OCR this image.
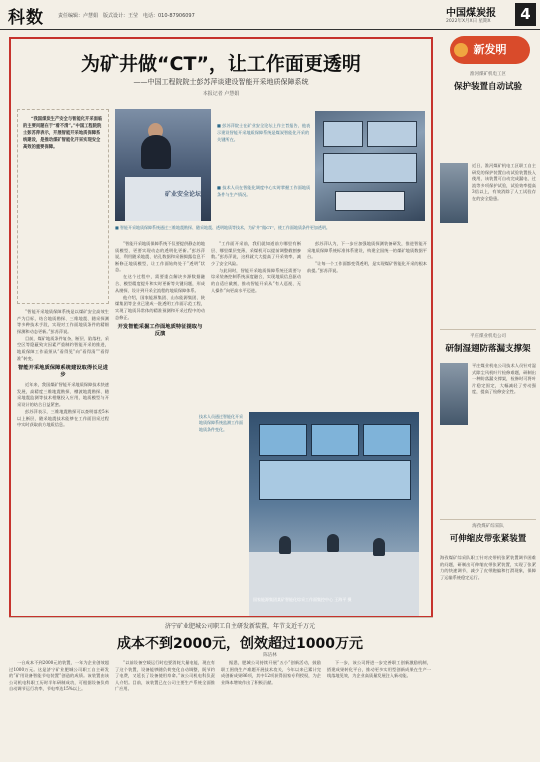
科数	责任编辑：卢慧娟　版式设计：王莹　电话：010-87906097	中国煤炭报
2022年X月X日 星期X	4
为矿井做“CT”，让工作面更透明
——中国工程院院士彭苏萍谈建设智能开采地质保障系统
本报记者 卢慧娟

“我国煤炭生产安全与智能化开采面临的主要问题在于“看不清”。”中国工程院院士彭苏萍表示，开展智能开采地质保障系统建设，是推动煤矿智能化开采实现安全高效的重要保障。

矿业安全论坛
■ 彭苏萍院士在矿业安全论坛上作主旨报告，他表示建设智能开采地质保障系统是煤炭智能化开采的关键所在。
■ 技术人员在智能化调度中心实时掌握工作面地质条件与生产情况。
■ 智能开采地质保障系统通过三维地震勘探、随采地震、透明地质等技术，为矿井“做CT”，使工作面地质条件更加透明。

“智能开采地质保障系统是以煤矿安全高效生产为目标，结合地质勘探、三维地震、随采探测等多种技术手段，实现对工作面地质条件的精细探测和动态更新。”彭苏萍说。

目前，煤矿地质条件复杂，断层、陷落柱、采空区等隐蔽致灾因素严重制约智能开采的推进，地质保障工作亟须从“看得见”向“看得清”“看得准”转变。

智能开采地质保障系统建设取得长足进步

近年来，我国煤矿智能开采地质保障技术快速发展，高精度三维地震勘探、槽波地震勘探、随采地震监测等技术相继投入应用，地质模型与开采设计的结合日益紧密。

彭苏萍表示，三维地震勘探可以查明落差5米以上断层，随采地震技术能够在工作面回采过程中实时获取前方地质信息。

“智能开采地质保障系统不仅要提供静态的地质模型，更要实现动态的透明化更新。”彭苏萍说，利用随采地震、钻孔数据和采掘揭露信息不断修正地质模型，让工作面始终处于“透明”状态。

在这个过程中，需要重点解决多源数据融合、模型精度提升和实时更新等关键问题，形成从勘探、设计到开采全流程的地质保障体系。

他介绍，国家能源集团、山东能源集团、陕煤集团等企业已建成一批透明工作面示范工程，实现了地质异常体的精准预测和开采过程中的动态修正。

开发智能采掘工作面地质特征提取与反演

“工作面开采前，我们就知道前方哪里有断层、哪里煤层变薄，采煤机可以提前调整截割参数。”彭苏萍说，这样就大大提高了开采效率，减少了安全风险。

与此同时，智能开采地质保障系统还需要与综采装备控制系统深度融合，实现地质信息驱动的自适应截割，推动智能开采从“有人巡视、无人操作”向更高水平迈进。

彭苏萍认为，下一步应加强地质探测装备研发，推进智能开采地质保障系统标准体系建设，构建全国统一的煤矿地质数据平台。

“让每一个工作面都变得透明，是实现煤矿智能化开采的根本前提。”彭苏萍说。

技术人员通过智能化开采地质保障系统监测工作面地质条件变化。
国家能源集团某矿智能化综采工作面集控中心 王海平 摄
新发明
淮河煤矿机电工区
保护装置自动试验
近日，淮河煤矿机电工区职工自主研发的保护装置自动试验装置投入使用，该装置可自动完成漏电、过流等多项保护试验，试验效率提高3倍以上，有效消除了人工试验存在的安全隐患。
平庄煤业机电公司
研制湿翅防落漏支撑架
平庄煤业机电公司技术人员针对湿式除尘风机叶片检修难题，研制出一种防落漏支撑架，检修时可将叶片稳定固定，大幅减轻了劳动强度，提高了检修安全性。
海孜煤矿综采队
可伸缩皮带张紧装置
海孜煤矿综采队职工针对皮带机张紧装置调节困难的问题，研制出可伸缩皮带张紧装置，实现了张紧力的快速调节，减少了皮带跑偏和打滑现象，保障了运输系统稳定运行。
济宁矿业肥城公司职工自主研发新装置，年节支近千万元
成本不到2000元，创效超过1000万元
陈洁林

一台成本不到2000元的装置，一年为企业创效超过1000万元。这是济宁矿业肥城公司职工自主研发的“矿用设备智能节电装置”创造的成绩。该装置由该公司机电科职工历时半年研制成功，可根据设备负荷自动调节运行功率，节电率达15%以上。

“以前设备空载运行时也要消耗大量电能，现在有了这个装置，设备能够随负荷变化自动调整，既节约了电费，又延长了设备使用寿命。”该公司机电科负责人介绍。目前，该装置已在公司主要生产系统全面推广应用。

据悉，肥城公司持续开展“五小”创新活动，鼓励职工围绕生产难题开展技术攻关，今年以来已累计完成创新成果86项，其中12项获得国家专利授权，为企业降本增效作出了积极贡献。

下一步，该公司将进一步完善职工创新激励机制，搭建成果转化平台，推动更多实用型创新成果在生产一线落地见效，为企业高质量发展注入新动能。
